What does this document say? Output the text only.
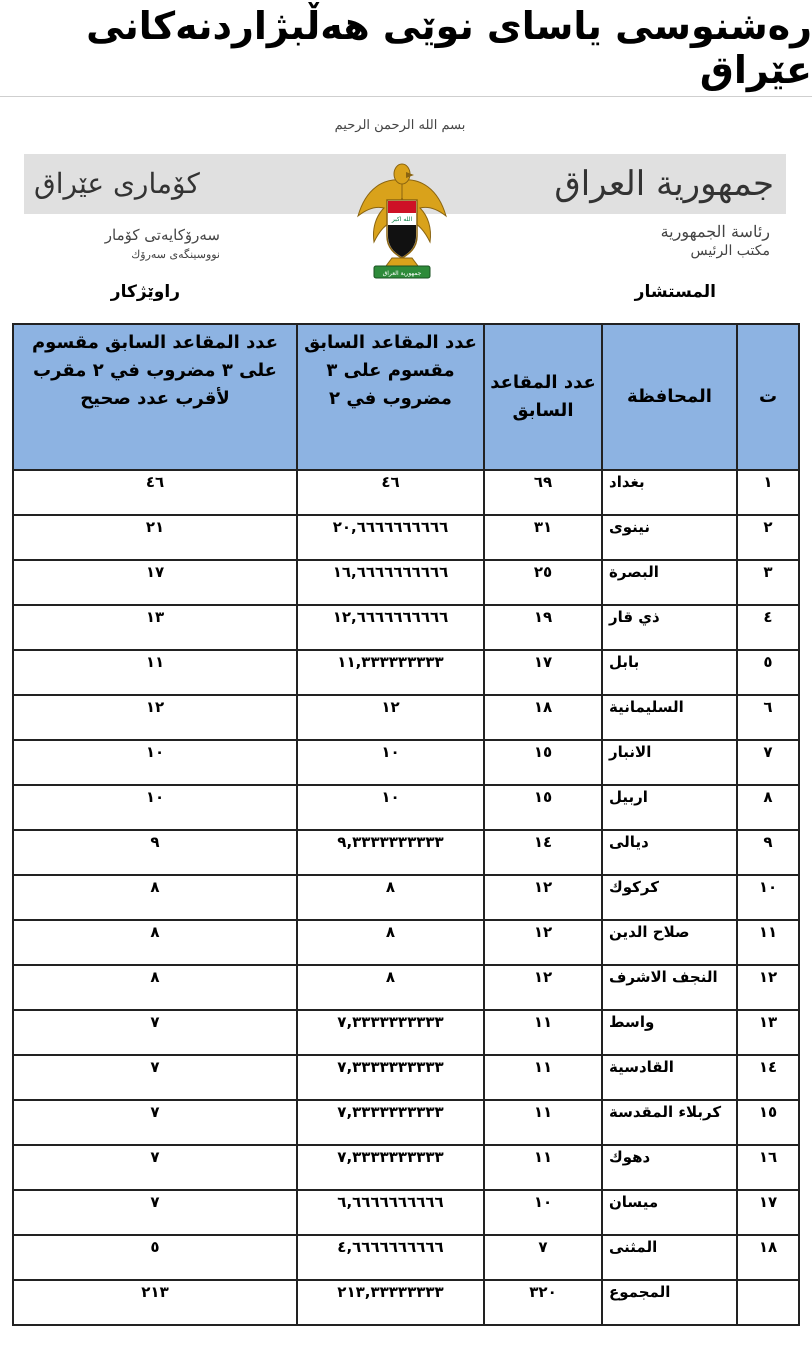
رەشنوسی یاسای نوێی هەڵبژاردنەکانی عێراق
بسم الله الرحمن الرحيم
جمهورية العراق
كۆماری عێراق
الله اكبر
جمهورية العراق
رئاسة الجمهورية
مكتب الرئيس
سەرۆكایەتی كۆمار
نووسینگەی سەرۆك
المستشار
راوێژكار
ت	المحافظة	عدد المقاعد السابق	عدد المقاعد السابق مقسوم على ٣ مضروب في ٢	عدد المقاعد السابق مقسوم على ٣ مضروب في ٢ مقرب لأقرب عدد صحيح
١	بغداد	٦٩	٤٦	٤٦
٢	نينوى	٣١	٢٠,٦٦٦٦٦٦٦٦٦٦	٢١
٣	البصرة	٢٥	١٦,٦٦٦٦٦٦٦٦٦٦	١٧
٤	ذي قار	١٩	١٢,٦٦٦٦٦٦٦٦٦٦	١٣
٥	بابل	١٧	١١,٣٣٣٣٣٣٣٣٣	١١
٦	السليمانية	١٨	١٢	١٢
٧	الانبار	١٥	١٠	١٠
٨	اربيل	١٥	١٠	١٠
٩	ديالى	١٤	٩,٣٣٣٣٣٣٣٣٣٣	٩
١٠	كركوك	١٢	٨	٨
١١	صلاح الدين	١٢	٨	٨
١٢	النجف الاشرف	١٢	٨	٨
١٣	واسط	١١	٧,٣٣٣٣٣٣٣٣٣٣	٧
١٤	القادسية	١١	٧,٣٣٣٣٣٣٣٣٣٣	٧
١٥	كربلاء المقدسة	١١	٧,٣٣٣٣٣٣٣٣٣٣	٧
١٦	دهوك	١١	٧,٣٣٣٣٣٣٣٣٣٣	٧
١٧	ميسان	١٠	٦,٦٦٦٦٦٦٦٦٦٦	٧
١٨	المثنى	٧	٤,٦٦٦٦٦٦٦٦٦٦	٥
	المجموع	٣٢٠	٢١٣,٣٣٣٣٣٣٣٣	٢١٣
